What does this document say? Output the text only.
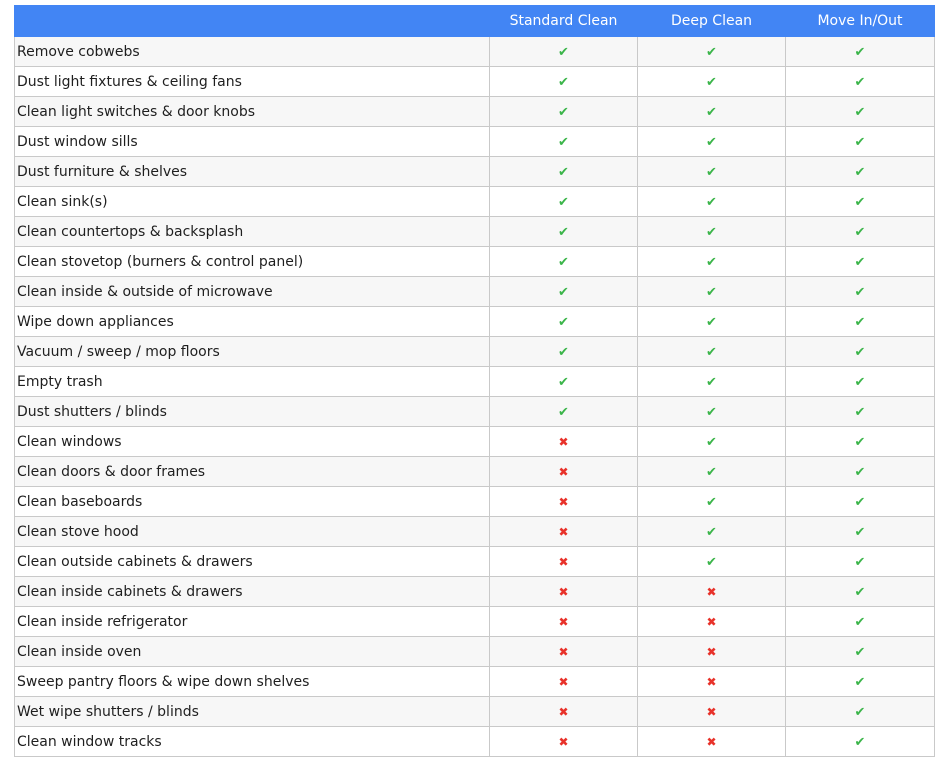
	Standard Clean	Deep Clean	Move In/Out
Remove cobwebs	✔	✔	✔
Dust light fixtures & ceiling fans	✔	✔	✔
Clean light switches & door knobs	✔	✔	✔
Dust window sills	✔	✔	✔
Dust furniture & shelves	✔	✔	✔
Clean sink(s)	✔	✔	✔
Clean countertops & backsplash	✔	✔	✔
Clean stovetop (burners & control panel)	✔	✔	✔
Clean inside & outside of microwave	✔	✔	✔
Wipe down appliances	✔	✔	✔
Vacuum / sweep / mop floors	✔	✔	✔
Empty trash	✔	✔	✔
Dust shutters / blinds	✔	✔	✔
Clean windows	✖	✔	✔
Clean doors & door frames	✖	✔	✔
Clean baseboards	✖	✔	✔
Clean stove hood	✖	✔	✔
Clean outside cabinets & drawers	✖	✔	✔
Clean inside cabinets & drawers	✖	✖	✔
Clean inside refrigerator	✖	✖	✔
Clean inside oven	✖	✖	✔
Sweep pantry floors & wipe down shelves	✖	✖	✔
Wet wipe shutters / blinds	✖	✖	✔
Clean window tracks	✖	✖	✔
